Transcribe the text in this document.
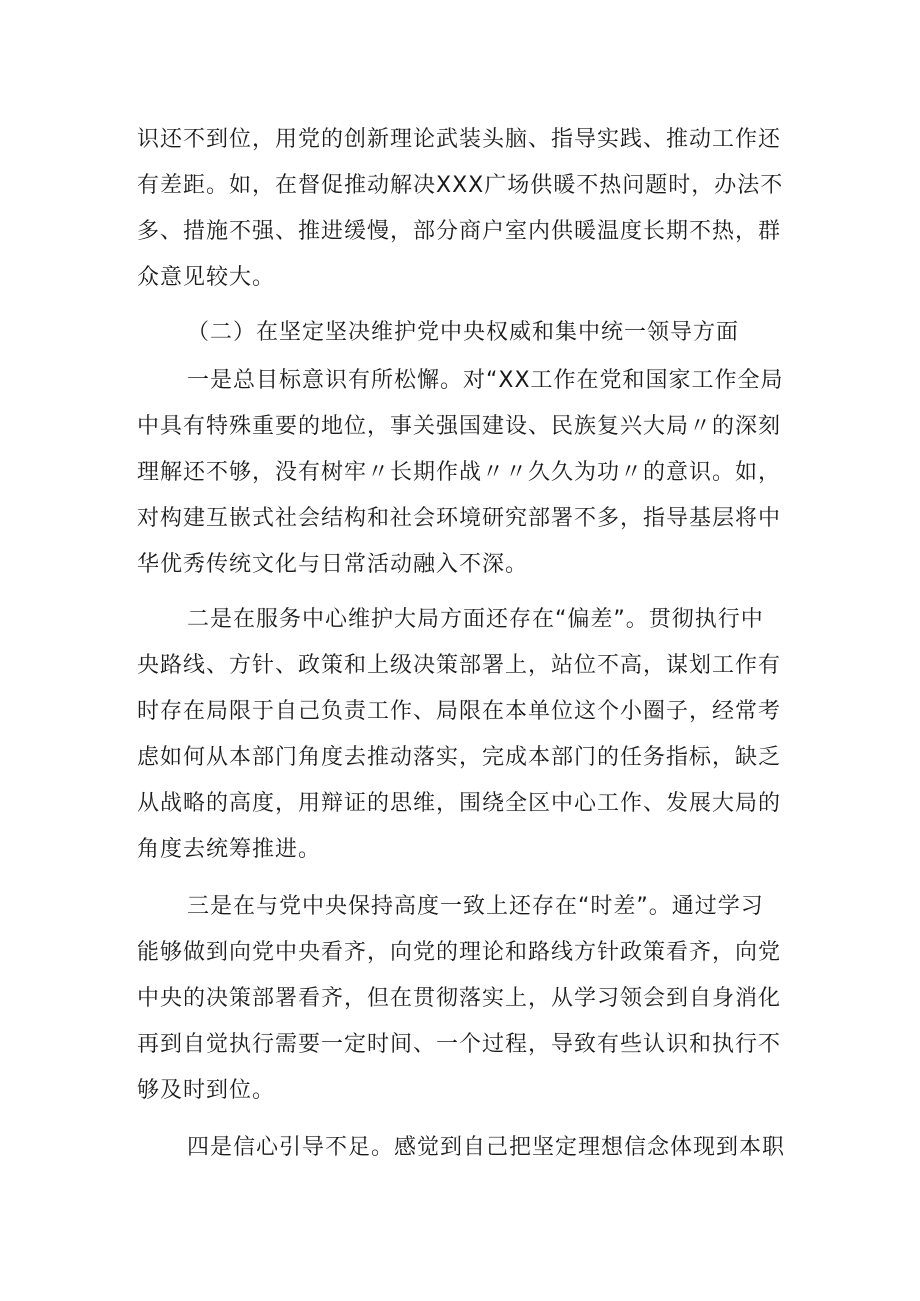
识还不到位，用党的创新理论武装头脑、指导实践、推动工作还
有差距。如，在督促推动解决XXX广场供暖不热问题时，办法不
多、措施不强、推进缓慢，部分商户室内供暖温度长期不热，群
众意见较大。
（二）在坚定坚决维护党中央权威和集中统一领导方面
一是总目标意识有所松懈。对“XX工作在党和国家工作全局
中具有特殊重要的地位，事关强国建设、民族复兴大局〃的深刻
理解还不够，没有树牢〃长期作战〃〃久久为功〃的意识。如，
对构建互嵌式社会结构和社会环境研究部署不多，指导基层将中
华优秀传统文化与日常活动融入不深。
二是在服务中心维护大局方面还存在“偏差”。贯彻执行中
央路线、方针、政策和上级决策部署上，站位不高，谋划工作有
时存在局限于自己负责工作、局限在本单位这个小圈子，经常考
虑如何从本部门角度去推动落实，完成本部门的任务指标，缺乏
从战略的高度，用辩证的思维，围绕全区中心工作、发展大局的
角度去统筹推进。
三是在与党中央保持高度一致上还存在“时差”。通过学习
能够做到向党中央看齐，向党的理论和路线方针政策看齐，向党
中央的决策部署看齐，但在贯彻落实上，从学习领会到自身消化
再到自觉执行需要一定时间、一个过程，导致有些认识和执行不
够及时到位。
四是信心引导不足。感觉到自己把坚定理想信念体现到本职
